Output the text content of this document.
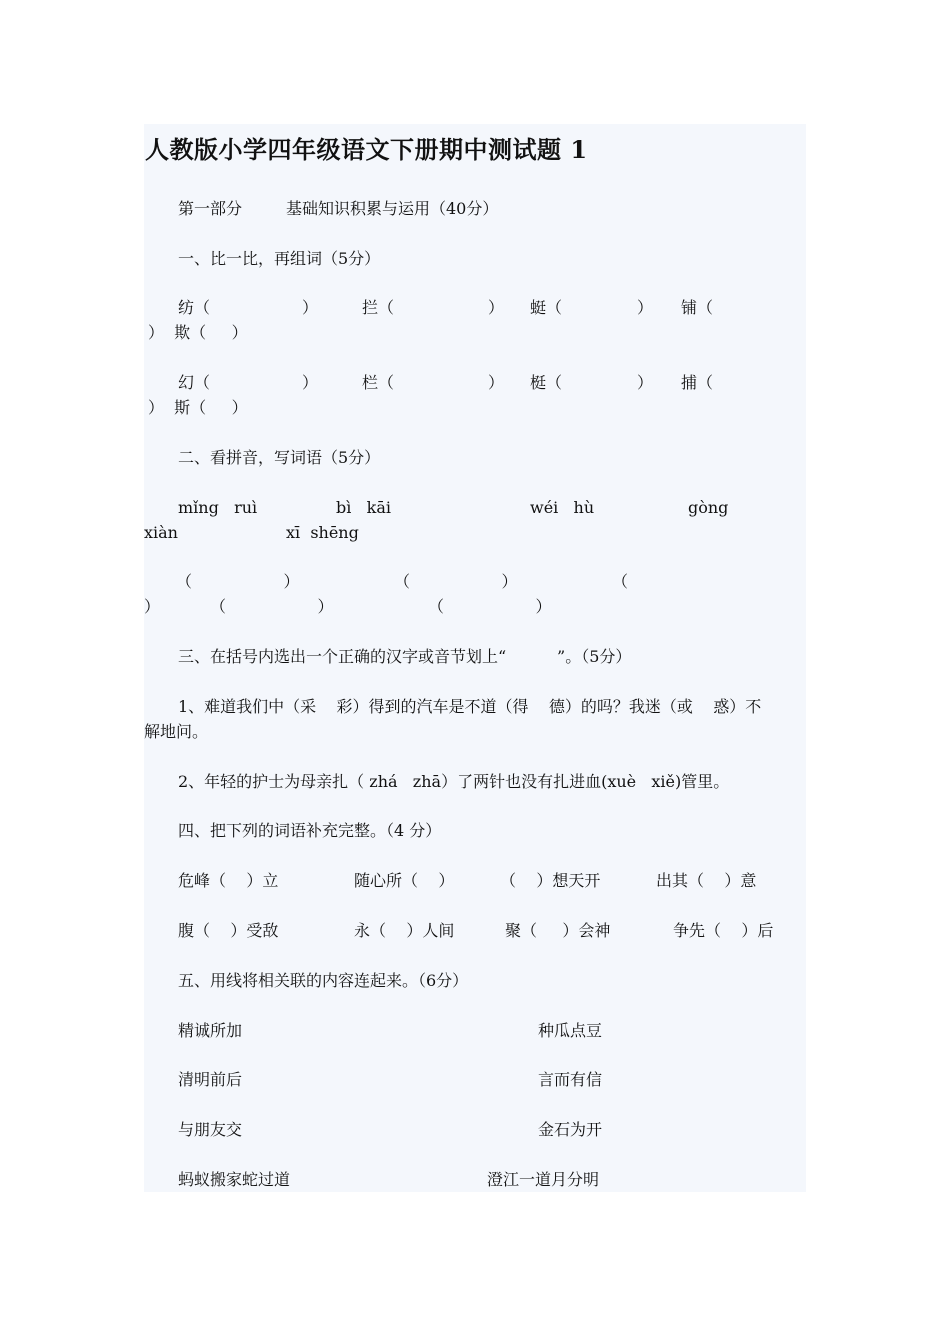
人教版小学四年级语文下册期中测试题 1
第一部分	基础知识积累与运用（40分）
一、比一比，再组词（5分）
纺（	）	拦（	） 蜓（	） 铺（
）  欺（     ）
幻（	）	栏（	） 梃（	） 捕（
）  斯（     ）
二、看拼音，写词语（5分）
mǐng   ruì	bì   kāi	wéi   hù	gòng
xiàn	xī  shēng
（                  ）	（                  ）	（
）	（                  ）	（                  ）
三、在括号内选出一个正确的汉字或音节划上“          ”。（5分）
1、难道我们中（采    彩）得到的汽车是不道（得    德）的吗？我迷（或    惑）不
解地问。
2、年轻的护士为母亲扎（ zhá   zhā）了两针也没有扎进血(xuè   xiě)管里。
四、把下列的词语补充完整。（4 分）
危峰（    ）立	随心所（    ）	（    ）想天开	出其（    ）意
腹（    ）受敌	永（    ）人间	聚（     ）会神	争先（    ）后
五、用线将相关联的内容连起来。（6分）
精诚所加	种瓜点豆
清明前后	言而有信
与朋友交	金石为开
蚂蚁搬家蛇过道	澄江一道月分明
